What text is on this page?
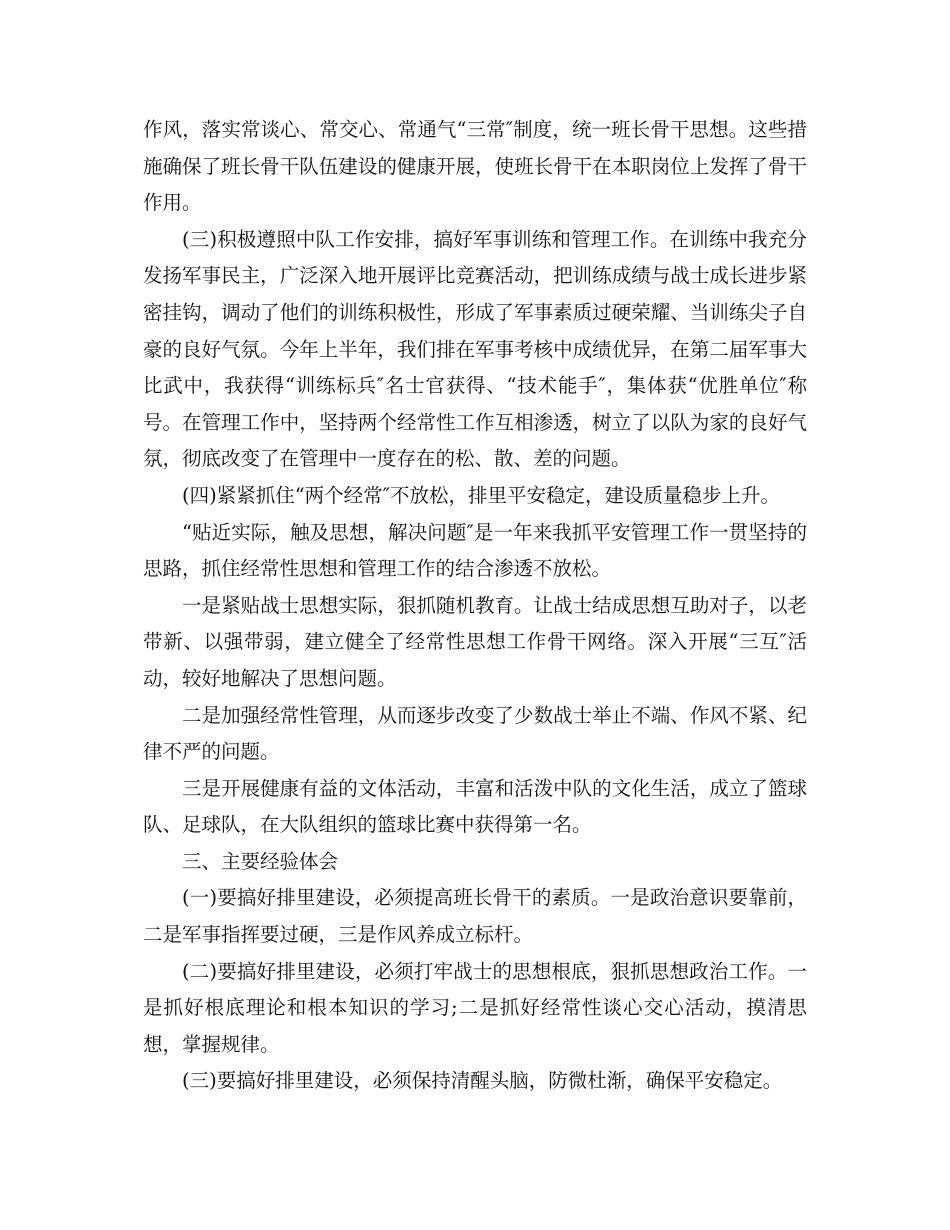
作风，落实常谈心、常交心、常通气“三常″制度，统一班长骨干思想。这些措施确保了班长骨干队伍建设的健康开展，使班长骨干在本职岗位上发挥了骨干作用。

(三)积极遵照中队工作安排，搞好军事训练和管理工作。在训练中我充分发扬军事民主，广泛深入地开展评比竞赛活动，把训练成绩与战士成长进步紧密挂钩，调动了他们的训练积极性，形成了军事素质过硬荣耀、当训练尖子自豪的良好气氛。今年上半年，我们排在军事考核中成绩优异，在第二届军事大比武中，我获得“训练标兵″名士官获得、“技术能手″，集体获“优胜单位″称号。在管理工作中，坚持两个经常性工作互相渗透，树立了以队为家的良好气氛，彻底改变了在管理中一度存在的松、散、差的问题。

(四)紧紧抓住“两个经常″不放松，排里平安稳定，建设质量稳步上升。

“贴近实际，触及思想，解决问题″是一年来我抓平安管理工作一贯坚持的思路，抓住经常性思想和管理工作的结合渗透不放松。

一是紧贴战士思想实际，狠抓随机教育。让战士结成思想互助对子，以老带新、以强带弱，建立健全了经常性思想工作骨干网络。深入开展“三互″活动，较好地解决了思想问题。

二是加强经常性管理，从而逐步改变了少数战士举止不端、作风不紧、纪律不严的问题。

三是开展健康有益的文体活动，丰富和活泼中队的文化生活，成立了篮球队、足球队，在大队组织的篮球比赛中获得第一名。

三、主要经验体会

(一)要搞好排里建设，必须提高班长骨干的素质。一是政治意识要靠前，二是军事指挥要过硬，三是作风养成立标杆。

(二)要搞好排里建设，必须打牢战士的思想根底，狠抓思想政治工作。一是抓好根底理论和根本知识的学习;二是抓好经常性谈心交心活动，摸清思想，掌握规律。

(三)要搞好排里建设，必须保持清醒头脑，防微杜渐，确保平安稳定。
